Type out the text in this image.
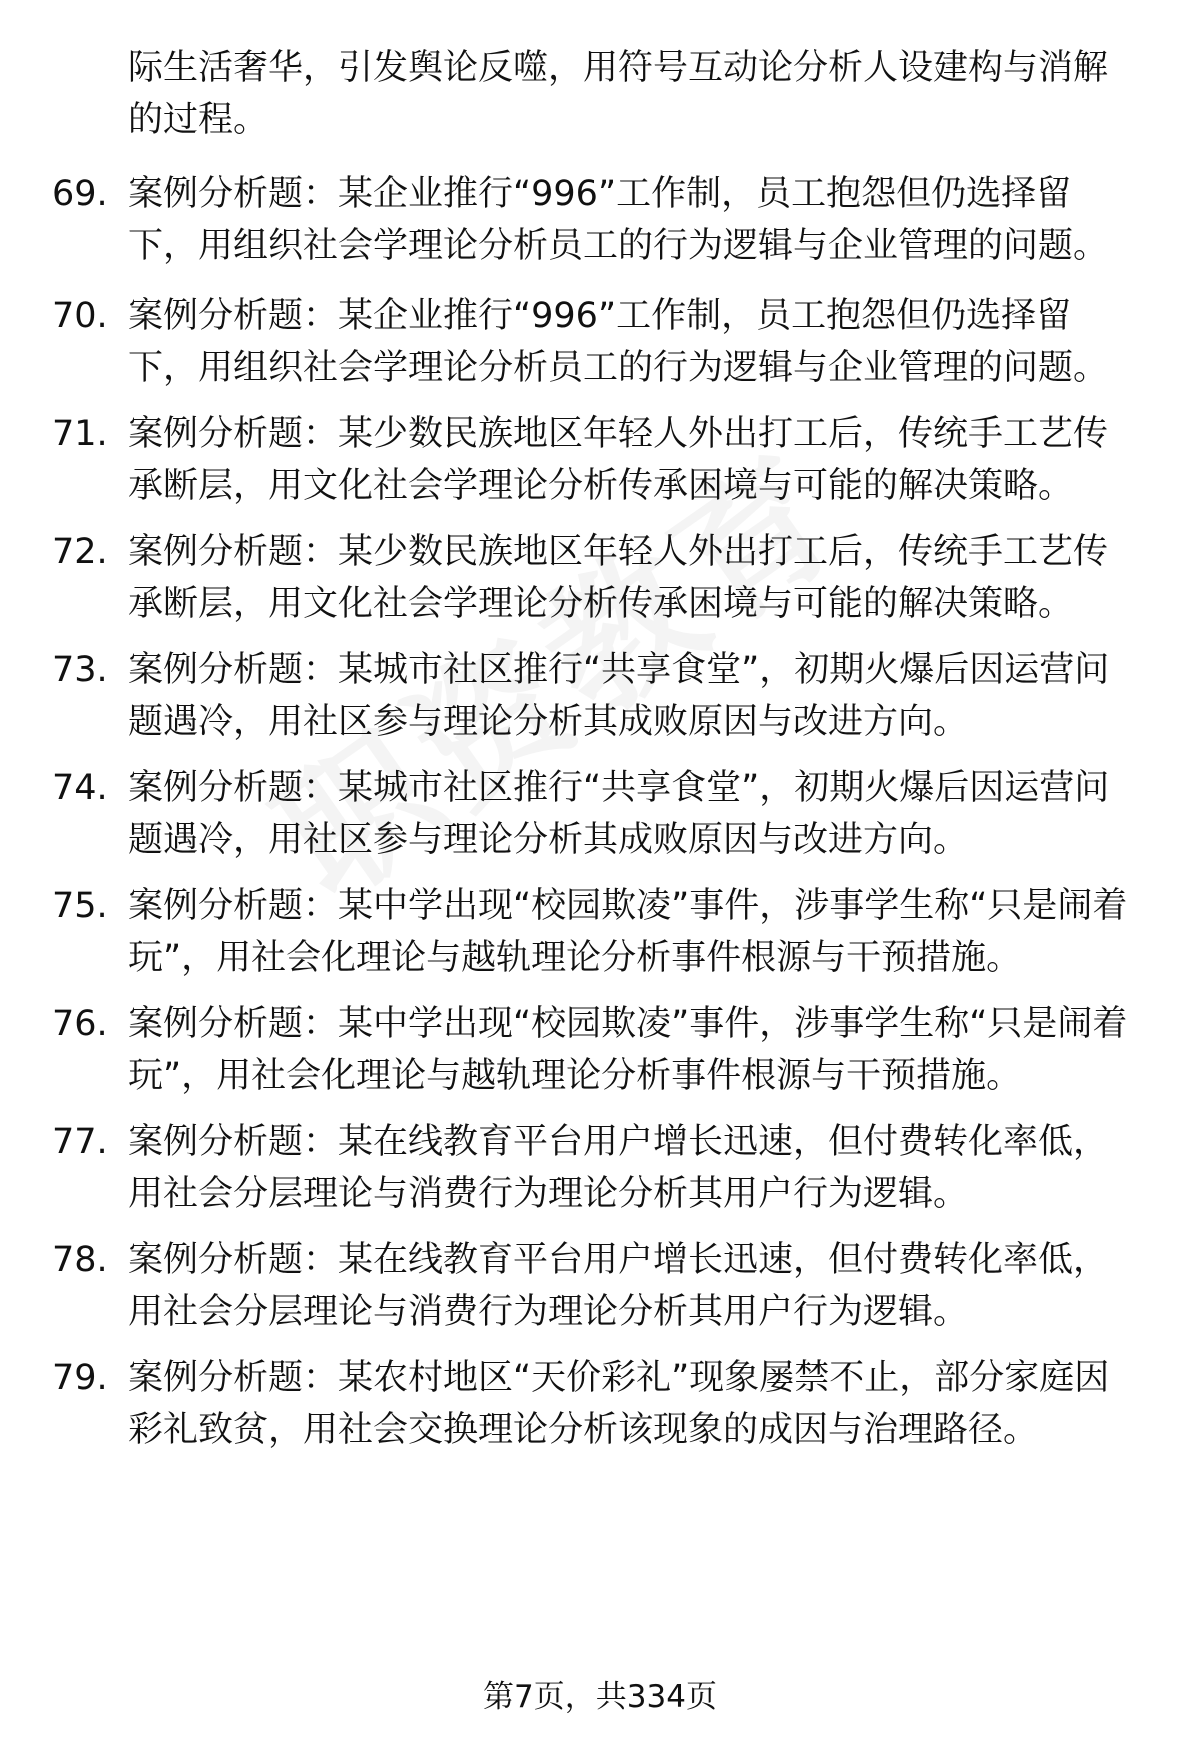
际生活奢华，引发舆论反噬，用符号互动论分析人设建构与消解的过程。
69. 案例分析题：某企业推行“996”工作制，员工抱怨但仍选择留下，用组织社会学理论分析员工的行为逻辑与企业管理的问题。
70. 案例分析题：某企业推行“996”工作制，员工抱怨但仍选择留下，用组织社会学理论分析员工的行为逻辑与企业管理的问题。
71. 案例分析题：某少数民族地区年轻人外出打工后，传统手工艺传承断层，用文化社会学理论分析传承困境与可能的解决策略。
72. 案例分析题：某少数民族地区年轻人外出打工后，传统手工艺传承断层，用文化社会学理论分析传承困境与可能的解决策略。
73. 案例分析题：某城市社区推行“共享食堂”，初期火爆后因运营问题遇冷，用社区参与理论分析其成败原因与改进方向。
74. 案例分析题：某城市社区推行“共享食堂”，初期火爆后因运营问题遇冷，用社区参与理论分析其成败原因与改进方向。
75. 案例分析题：某中学出现“校园欺凌”事件，涉事学生称“只是闹着玩”，用社会化理论与越轨理论分析事件根源与干预措施。
76. 案例分析题：某中学出现“校园欺凌”事件，涉事学生称“只是闹着玩”，用社会化理论与越轨理论分析事件根源与干预措施。
77. 案例分析题：某在线教育平台用户增长迅速，但付费转化率低，用社会分层理论与消费行为理论分析其用户行为逻辑。
78. 案例分析题：某在线教育平台用户增长迅速，但付费转化率低，用社会分层理论与消费行为理论分析其用户行为逻辑。
79. 案例分析题：某农村地区“天价彩礼”现象屡禁不止，部分家庭因彩礼致贫，用社会交换理论分析该现象的成因与治理路径。
第7页，共334页
